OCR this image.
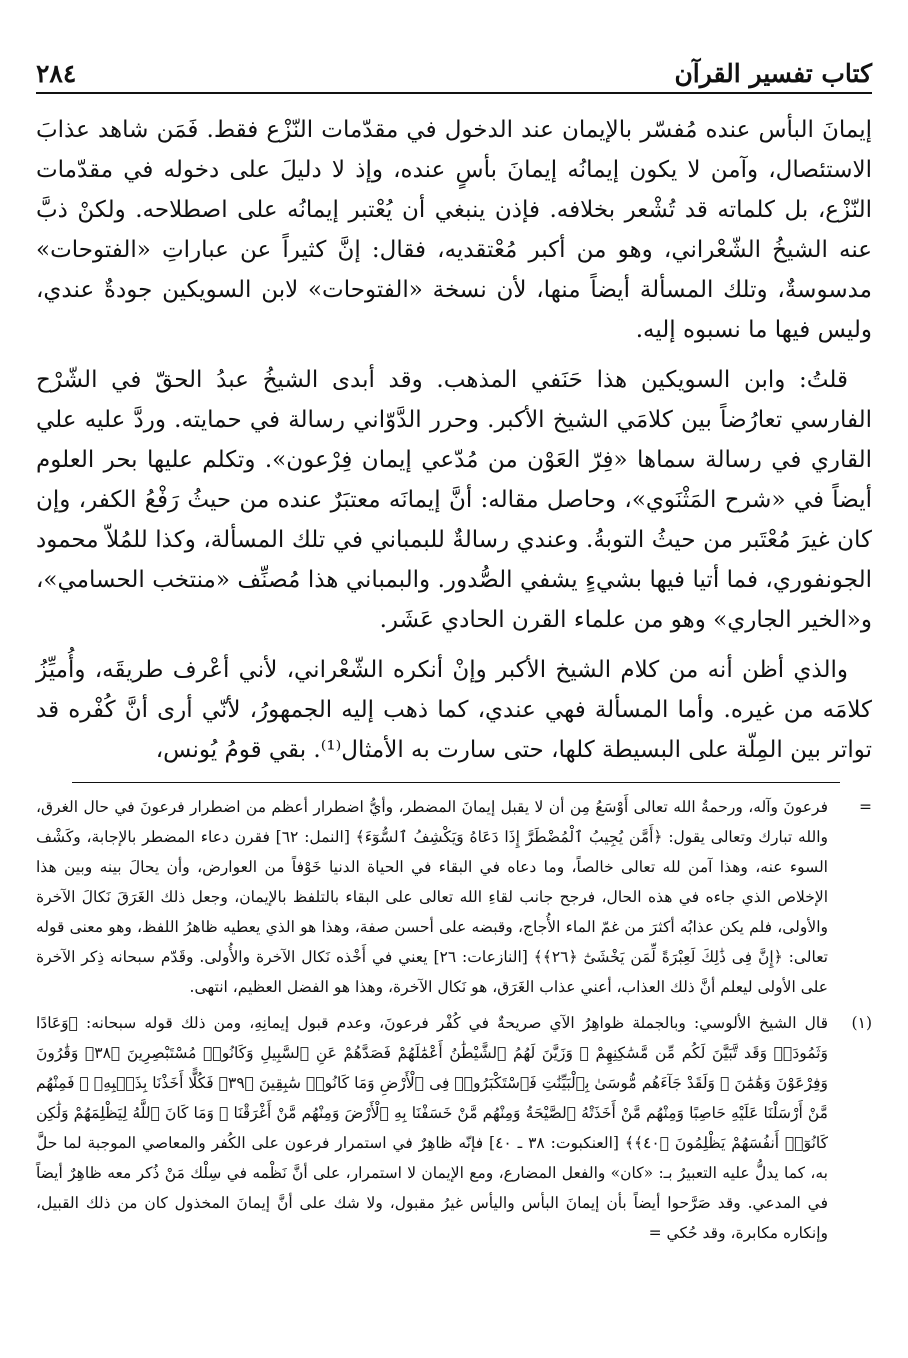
كتاب تفسير القرآن
٢٨٤

إيمانَ البأس عنده مُفسّر بالإيمان عند الدخول في مقدّمات النّزْع فقط. فَمَن شاهد عذابَ الاستئصال، وآمن لا يكون إيمانُه إيمانَ بأسٍ عنده، وإذ لا دليلَ على دخوله في مقدّمات النّزْع، بل كلماته قد تُشْعر بخلافه. فإذن ينبغي أن يُعْتبر إيمانُه على اصطلاحه. ولكنْ ذبَّ عنه الشيخُ الشّعْراني، وهو من أكبر مُعْتقديه، فقال: إنَّ كثيراً عن عباراتِ «الفتوحات» مدسوسةٌ، وتلك المسألة أيضاً منها، لأن نسخة «الفتوحات» لابن السويكين جودةٌ عندي، وليس فيها ما نسبوه إليه.

قلتُ: وابن السويكين هذا حَنَفي المذهب. وقد أبدى الشيخُ عبدُ الحقّ في الشّرْح الفارسي تعارُضاً بين كلامَي الشيخ الأكبر. وحرر الدَّوّاني رسالة في حمايته. وردَّ عليه علي القاري في رسالة سماها «فِرّ العَوْن من مُدّعي إيمان فِرْعون». وتكلم عليها بحر العلوم أيضاً في «شرح المَثْنَوي»، وحاصل مقاله: أنَّ إيمانَه معتبَرٌ عنده من حيثُ رَفْعُ الكفر، وإن كان غيرَ مُعْتَبر من حيثُ التوبةُ. وعندي رسالةٌ للبمباني في تلك المسألة، وكذا للمُلاّ محمود الجونفوري، فما أتيا فيها بشيءٍ يشفي الصُّدور. والبمباني هذا مُصنِّف «منتخب الحسامي»، و«الخير الجاري» وهو من علماء القرن الحادي عَشَر.

والذي أظن أنه من كلام الشيخ الأكبر وإنْ أنكره الشّعْراني، لأني أعْرف طريقَه، وأُميِّزُ كلامَه من غيره. وأما المسألة فهي عندي، كما ذهب إليه الجمهورُ، لأنّي أرى أنَّ كُفْره قد تواتر بين المِلّة على البسيطة كلها، حتى سارت به الأمثال⁽¹⁾. بقي قومُ يُونس،

=

فرعونَ وآله، ورحمةُ الله تعالى أَوْسَعُ مِن أن لا يقبل إيمانَ المضطر، وأيُّ اضطرار أعظم من اضطرار فرعونَ في حال الغرق، والله تبارك وتعالى يقول: ﴿أَمَّن يُجِيبُ ٱلْمُضْطَرَّ إِذَا دَعَاهُ وَيَكْشِفُ ٱلسُّوٓءَ﴾ [النمل: ٦٢] فقرن دعاء المضطر بالإجابة، وكَشْف السوء عنه، وهذا آمن لله تعالى خالصاً، وما دعاه في البقاء في الحياة الدنيا خَوْفاً من العوارض، وأن يحالَ بينه وبين هذا الإخلاص الذي جاءه في هذه الحال، فرجح جانب لقاءِ الله تعالى على البقاء بالتلفظ بالإيمان، وجعل ذلك الغَرَقَ نَكالَ الآخرة والأولى، فلم يكن عذابُه أكثرَ من غمّ الماء الأُجاج، وقبضه على أحسن صفة، وهذا هو الذي يعطيه ظاهرُ اللفظ، وهو معنى قوله تعالى: ﴿إِنَّ فِى ذَٰلِكَ لَعِبْرَةً لِّمَن يَخْشَىٰٓ ﴿٢٦﴾﴾ [النازعات: ٢٦] يعني في أَخْذه نَكال الآخرة والأُولى. وقَدّم سبحانه ذِكر الآخرة على الأولى ليعلم أنَّ ذلك العذاب، أعني عذاب الغَرَق، هو نَكال الآخرة، وهذا هو الفضل العظيم، انتهى.

(١)

قال الشيخ الألوسي: وبالجملة ظواهِرُ الآي صريحةٌ في كُفْر فرعونَ، وعدم قبول إيمانِهِ، ومن ذلك قوله سبحانه: ﴿وَعَادًا وَثَمُودَا۟ وَقَد تَّبَيَّنَ لَكُم مِّن مَّسَٰكِنِهِمْ ۖ وَزَيَّنَ لَهُمُ ٱلشَّيْطَٰنُ أَعْمَٰلَهُمْ فَصَدَّهُمْ عَنِ ٱلسَّبِيلِ وَكَانُوا۟ مُسْتَبْصِرِينَ ﴿٣٨﴾ وَقَٰرُونَ وَفِرْعَوْنَ وَهَٰمَٰنَ ۖ وَلَقَدْ جَآءَهُم مُّوسَىٰ بِٱلْبَيِّنَٰتِ فَٱسْتَكْبَرُوا۟ فِى ٱلْأَرْضِ وَمَا كَانُوا۟ سَٰبِقِينَ ﴿٣٩﴾ فَكُلًّا أَخَذْنَا بِذَنۢبِهِۦ ۖ فَمِنْهُم مَّنْ أَرْسَلْنَا عَلَيْهِ حَاصِبًا وَمِنْهُم مَّنْ أَخَذَتْهُ ٱلصَّيْحَةُ وَمِنْهُم مَّنْ خَسَفْنَا بِهِ ٱلْأَرْضَ وَمِنْهُم مَّنْ أَغْرَقْنَا ۚ وَمَا كَانَ ٱللَّهُ لِيَظْلِمَهُمْ وَلَٰكِن كَانُوٓا۟ أَنفُسَهُمْ يَظْلِمُونَ ﴿٤٠﴾﴾ [العنكبوت: ٣٨ ـ ٤٠] فإنّه ظاهِرٌ في استمرار فرعون على الكُفر والمعاصي الموجبة لما حلَّ به، كما يدلُّ عليه التعبيرُ بـ: «كان» والفعل المضارع، ومع الإيمان لا استمرار، على أنَّ نَظْمه في سِلْك مَنْ ذُكر معه ظاهِرٌ أيضاً في المدعي. وقد صَرَّحوا أيضاً بأن إيمانَ البأس واليأس غيرُ مقبول، ولا شك على أنَّ إيمانَ المخذول كان من ذلك القبيل، وإنكاره مكابرة، وقد حُكي =
